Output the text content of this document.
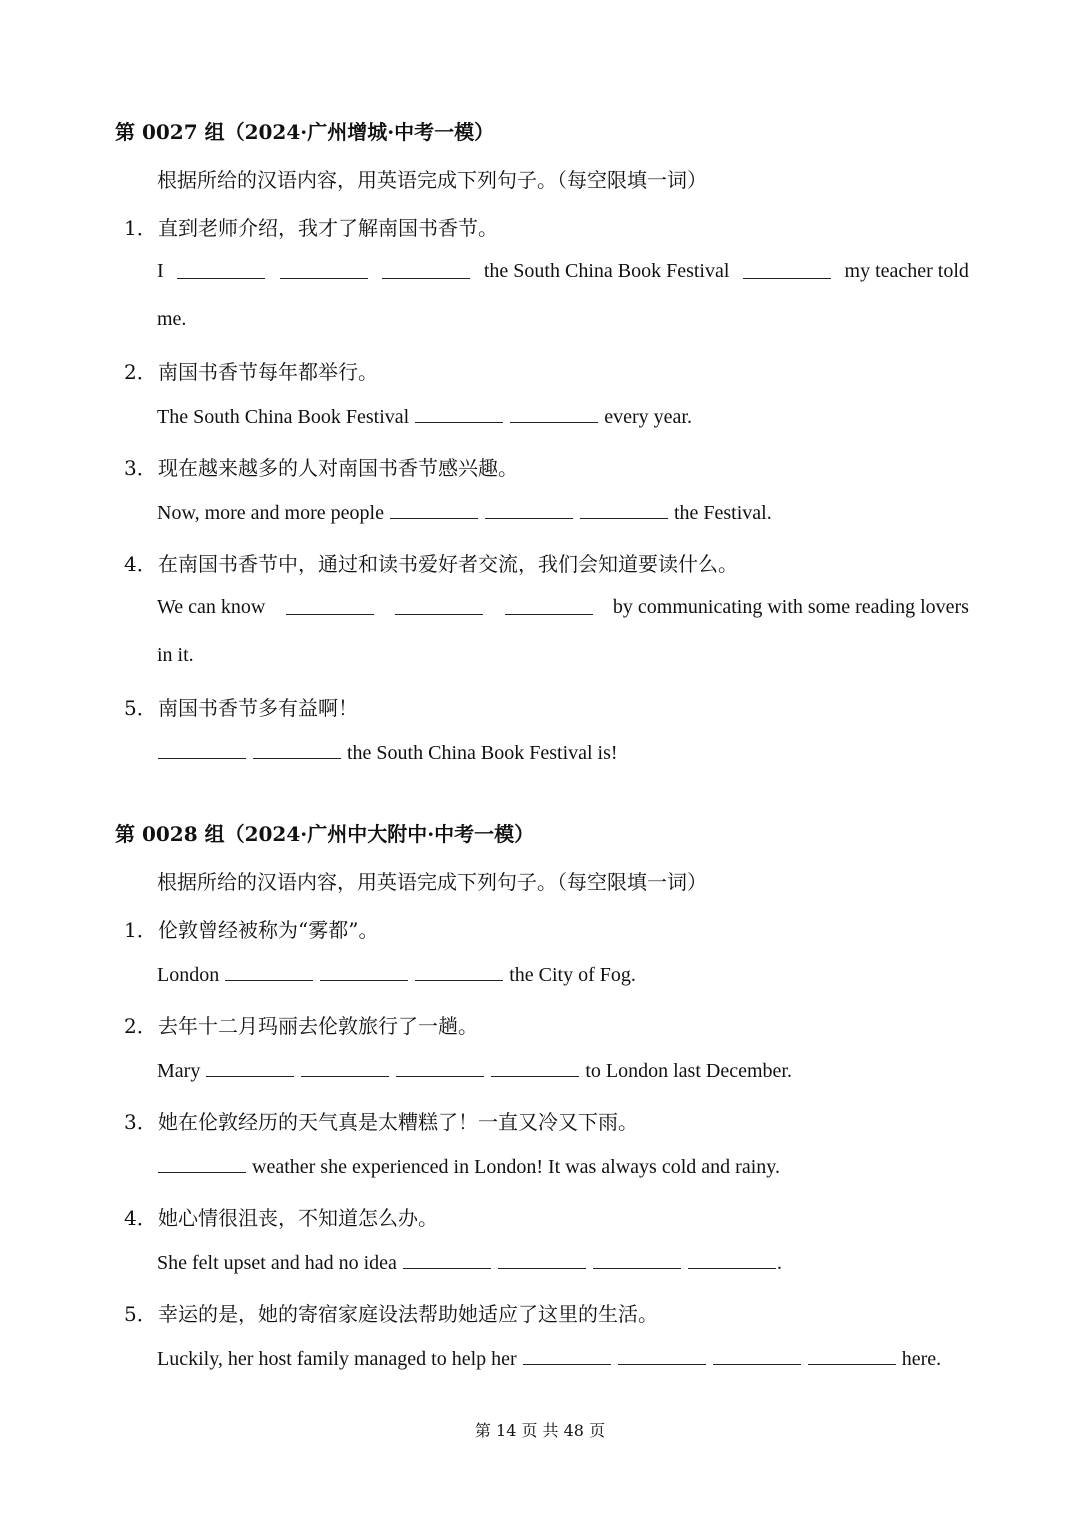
第 0027 组（2024·广州增城·中考一模）
根据所给的汉语内容，用英语完成下列句子。（每空限填一词）
1．直到老师介绍，我才了解南国书香节。
I	the South China Book Festival	my teacher told
me.
2．南国书香节每年都举行。
The South China Book Festival	every year.
3．现在越来越多的人对南国书香节感兴趣。
Now, more and more people	the Festival.
4．在南国书香节中，通过和读书爱好者交流，我们会知道要读什么。
We can know	by communicating with some reading lovers
in it.
5．南国书香节多有益啊！
the South China Book Festival is!
第 0028 组（2024·广州中大附中·中考一模）
根据所给的汉语内容，用英语完成下列句子。（每空限填一词）
1．伦敦曾经被称为“雾都”。
London	the City of Fog.
2．去年十二月玛丽去伦敦旅行了一趟。
Mary	to London last December.
3．她在伦敦经历的天气真是太糟糕了！一直又冷又下雨。
weather she experienced in London! It was always cold and rainy.
4．她心情很沮丧，不知道怎么办。
She felt upset and had no idea	.
5．幸运的是，她的寄宿家庭设法帮助她适应了这里的生活。
Luckily, her host family managed to help her	here.
第 14 页 共 48 页
